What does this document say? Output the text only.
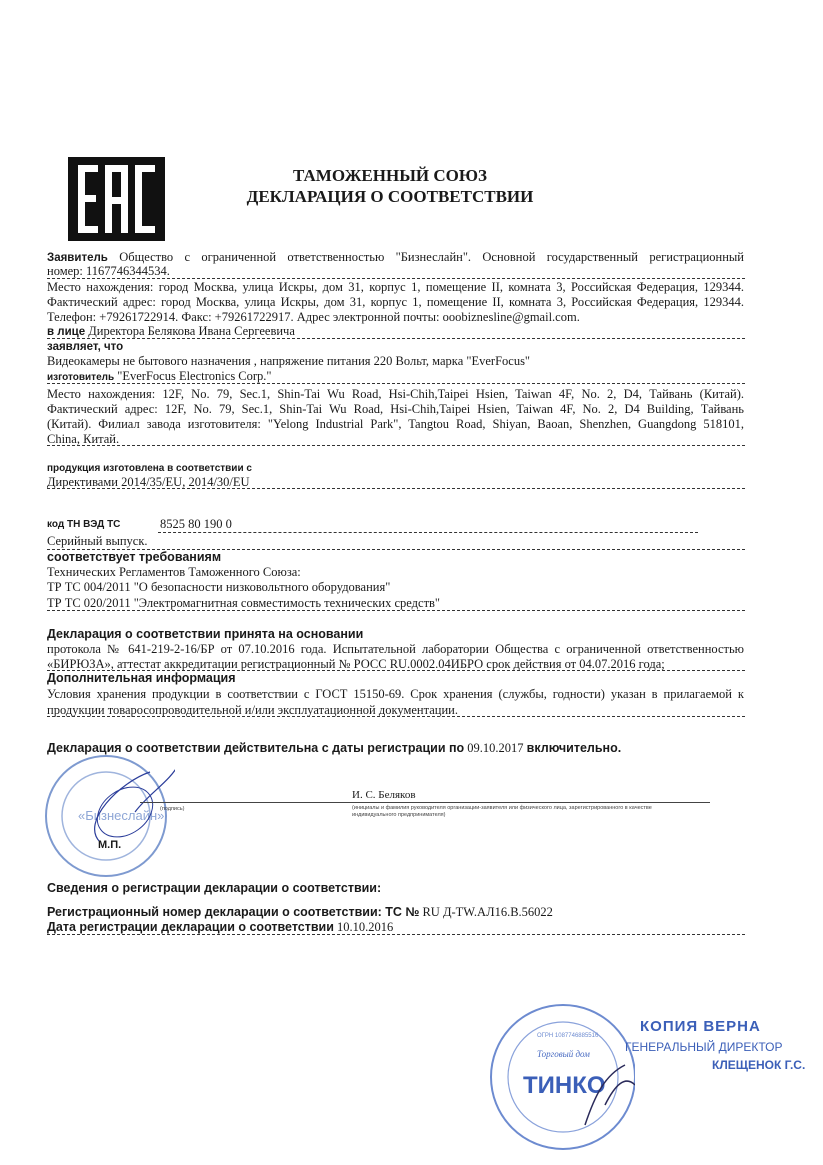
ТАМОЖЕННЫЙ СОЮЗ
ДЕКЛАРАЦИЯ О СООТВЕТСТВИИ
Заявитель Общество с ограниченной ответственностью "Бизнеслайн". Основной государственный регистрационный
номер: 1167746344534.
Место нахождения: город Москва, улица Искры, дом 31, корпус 1, помещение II, комната 3, Российская Федерация, 129344.
Фактический адрес: город Москва, улица Искры, дом 31, корпус 1, помещение II, комната 3, Российская Федерация, 129344.
Телефон: +79261722914. Факс: +79261722917. Адрес электронной почты: ooobiznesline@gmail.com.
в лице Директора Белякова Ивана Сергеевича
заявляет, что
Видеокамеры не бытового назначения , напряжение питания 220 Вольт, марка "EverFocus"
изготовитель "EverFocus Electronics Corp."
Место нахождения: 12F, No. 79, Sec.1, Shin-Tai Wu Road, Hsi-Chih,Taipei Hsien, Taiwan 4F, No. 2, D4, Тайвань (Китай).
Фактический адрес: 12F, No. 79, Sec.1, Shin-Tai Wu Road, Hsi-Chih,Taipei Hsien, Taiwan 4F, No. 2, D4 Building, Тайвань
(Китай). Филиал завода изготовителя: "Yelong Industrial Park", Tangtou Road, Shiyan, Baoan, Shenzhen, Guangdong 518101,
China, Китай.
продукция изготовлена в соответствии с
Директивами 2014/35/EU, 2014/30/EU
код ТН ВЭД ТС	8525 80 190 0
Серийный выпуск.
соответствует требованиям
Технических Регламентов Таможенного Союза:
ТР ТС 004/2011 "О безопасности низковольтного оборудования"
ТР ТС 020/2011 "Электромагнитная совместимость технических средств"
Декларация о соответствии принята на основании
протокола № 641-219-2-16/БР от 07.10.2016 года. Испытательной лаборатории Общества с ограниченной ответственностью
«БИРЮЗА», аттестат аккредитации регистрационный № РОСС RU.0002.04ИБРО срок действия от 04.07.2016 года;
Дополнительная информация
Условия хранения продукции в соответствии с ГОСТ 15150-69. Срок хранения (службы, годности) указан в прилагаемой к
продукции товаросопроводительной и/или эксплуатационной документации.
Декларация о соответствии действительна с даты регистрации по 09.10.2017 включительно.
«Бизнеслайн»
М.П.
(подпись)
И. С. Беляков
(инициалы и фамилия руководителя организации-заявителя или физического лица, зарегистрированного в качестве
индивидуального предпринимателя)
Сведения о регистрации декларации о соответствии:
Регистрационный номер декларации о соответствии: ТС № RU Д-TW.АЛ16.В.56022
Дата регистрации декларации о соответствии 10.10.2016
Торговый дом
ТИНКО
ОГРН 1087746885516
КОПИЯ ВЕРНА
ГЕНЕРАЛЬНЫЙ ДИРЕКТОР
КЛЕЩЕНОК Г.С.
